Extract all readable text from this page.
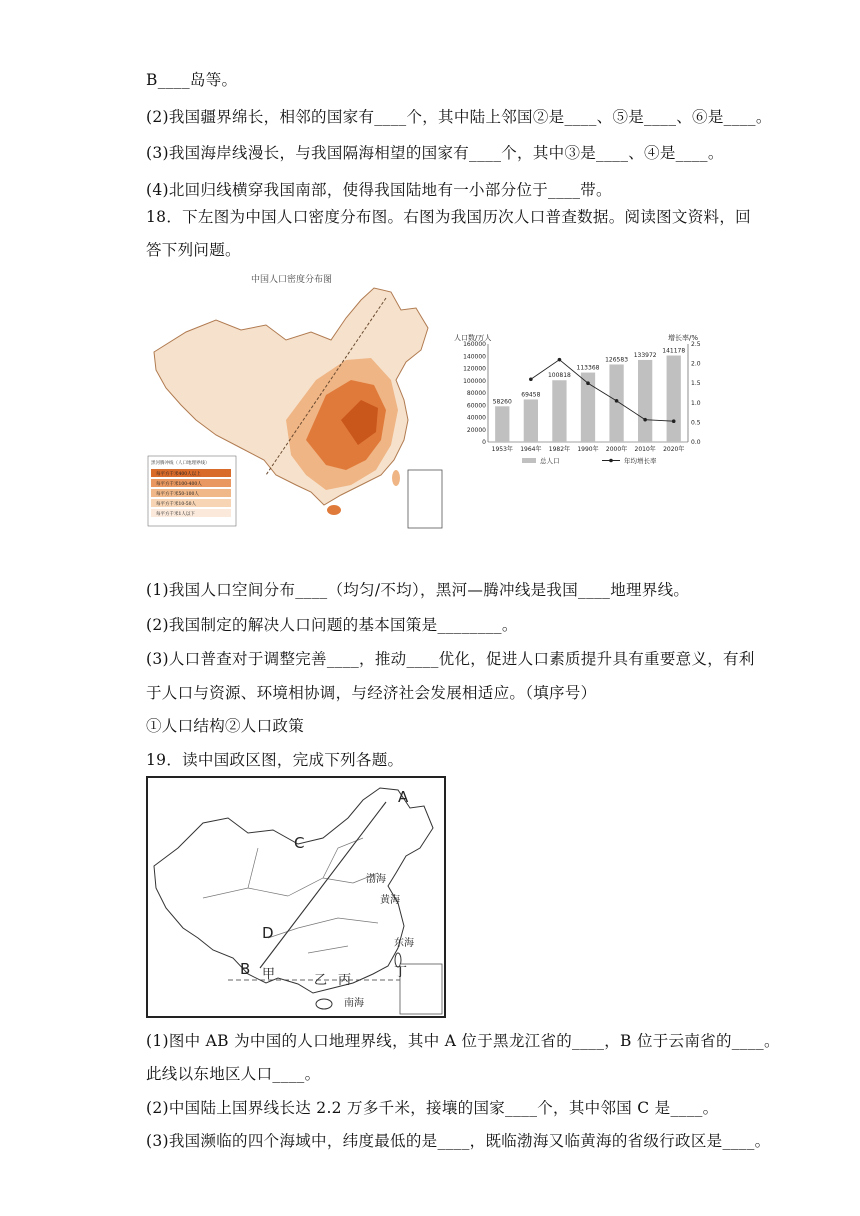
B____岛等。
(2)我国疆界绵长，相邻的国家有____个，其中陆上邻国②是____、⑤是____、⑥是____。
(3)我国海岸线漫长，与我国隔海相望的国家有____个，其中③是____、④是____。
(4)北回归线横穿我国南部，使得我国陆地有一小部分位于____带。
18．下左图为中国人口密度分布图。右图为我国历次人口普查数据。阅读图文资料，回
答下列问题。
中国人口密度分布图
黑河腾冲线（人口地理界线）
每平方千米400人以上
每平方千米100-400人
每平方千米50-100人
每平方千米10-50人
每平方千米1人以下
人口数/万人	增长率/%
0
20000
40000
60000
80000
100000
120000
140000
160000
0.0
0.5
1.0
1.5
2.0
2.5
58260
1953年
69458
1964年
100818
1982年
113368
1990年
126583
2000年
133972
2010年
141178
2020年
总人口	年均增长率
(1)我国人口空间分布____（均匀/不均），黑河—腾冲线是我国____地理界线。
(2)我国制定的解决人口问题的基本国策是________。
(3)人口普查对于调整完善____，推动____优化，促进人口素质提升具有重要意义，有利
于人口与资源、环境相协调，与经济社会发展相适应。（填序号）
①人口结构②人口政策
19．读中国政区图，完成下列各题。
A
B
C
D
甲	乙 丙
丁
渤海
黄海
东海
南海
(1)图中 AB 为中国的人口地理界线，其中 A 位于黑龙江省的____，B 位于云南省的____。
此线以东地区人口____。
(2)中国陆上国界线长达 2.2 万多千米，接壤的国家____个，其中邻国 C 是____。
(3)我国濒临的四个海域中，纬度最低的是____，既临渤海又临黄海的省级行政区是____。
